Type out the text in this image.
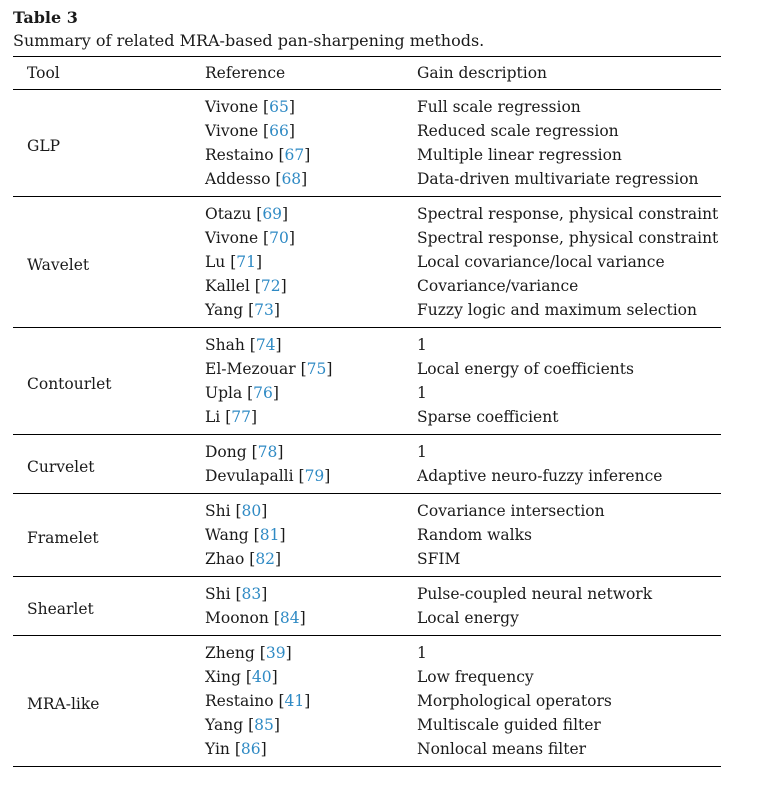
Table 3
Summary of related MRA-based pan-sharpening methods.
Tool	Reference	Gain description
GLP	Vivone [65]	Full scale regression
	Vivone [66]	Reduced scale regression
	Restaino [67]	Multiple linear regression
	Addesso [68]	Data-driven multivariate regression
Wavelet	Otazu [69]	Spectral response, physical constraint
	Vivone [70]	Spectral response, physical constraint
	Lu [71]	Local covariance/local variance
	Kallel [72]	Covariance/variance
	Yang [73]	Fuzzy logic and maximum selection
Contourlet	Shah [74]	1
	El-Mezouar [75]	Local energy of coefficients
	Upla [76]	1
	Li [77]	Sparse coefficient
Curvelet	Dong [78]	1
	Devulapalli [79]	Adaptive neuro-fuzzy inference
Framelet	Shi [80]	Covariance intersection
	Wang [81]	Random walks
	Zhao [82]	SFIM
Shearlet	Shi [83]	Pulse-coupled neural network
	Moonon [84]	Local energy
MRA-like	Zheng [39]	1
	Xing [40]	Low frequency
	Restaino [41]	Morphological operators
	Yang [85]	Multiscale guided filter
	Yin [86]	Nonlocal means filter
